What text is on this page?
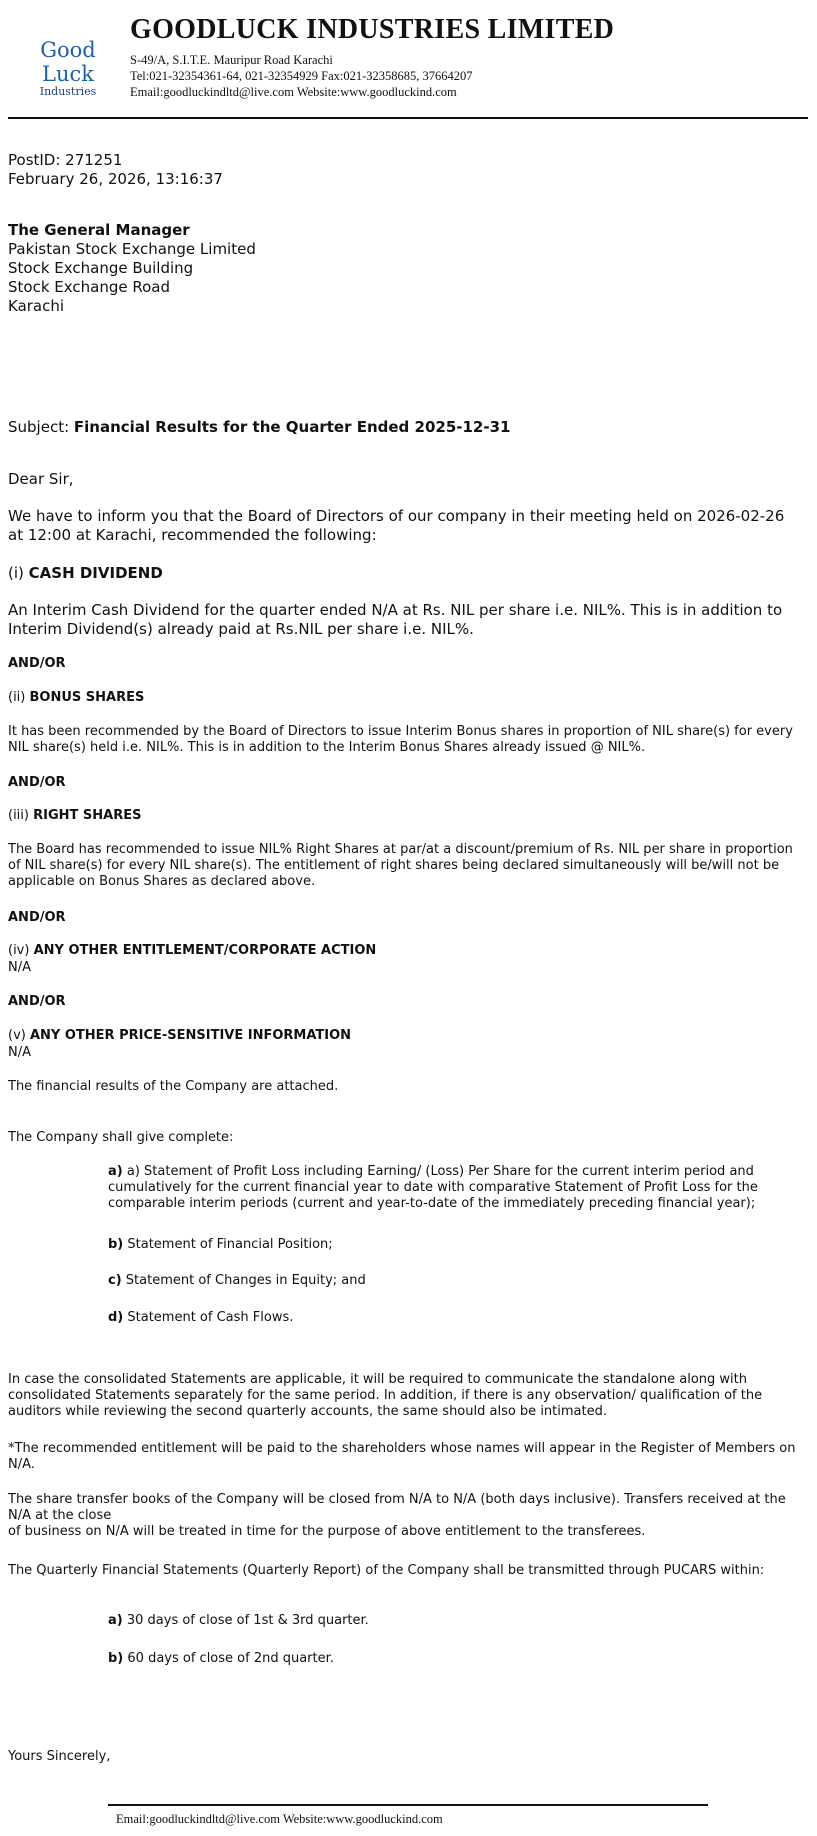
Good Luck
Industries
GOODLUCK INDUSTRIES LIMITED
S-49/A, S.I.T.E. Mauripur Road Karachi
Tel:021-32354361-64, 021-32354929 Fax:021-32358685, 37664207
Email:goodluckindltd@live.com Website:www.goodluckind.com
PostID: 271251
February 26, 2026, 13:16:37
The General Manager
Pakistan Stock Exchange Limited
Stock Exchange Building
Stock Exchange Road
Karachi
Subject: Financial Results for the Quarter Ended 2025-12-31
Dear Sir,
We have to inform you that the Board of Directors of our company in their meeting held on 2026-02-26 at 12:00 at Karachi, recommended the following:
(i) CASH DIVIDEND
An Interim Cash Dividend for the quarter ended N/A at Rs. NIL per share i.e. NIL%. This is in addition to Interim Dividend(s) already paid at Rs.NIL per share i.e. NIL%.
AND/OR
(ii) BONUS SHARES
It has been recommended by the Board of Directors to issue Interim Bonus shares in proportion of NIL share(s) for every NIL share(s) held i.e. NIL%. This is in addition to the Interim Bonus Shares already issued @ NIL%.
AND/OR
(iii) RIGHT SHARES
The Board has recommended to issue NIL% Right Shares at par/at a discount/premium of Rs. NIL per share in proportion of NIL share(s) for every NIL share(s). The entitlement of right shares being declared simultaneously will be/will not be applicable on Bonus Shares as declared above.
AND/OR
(iv) ANY OTHER ENTITLEMENT/CORPORATE ACTION
N/A
AND/OR
(v) ANY OTHER PRICE-SENSITIVE INFORMATION
N/A
The financial results of the Company are attached.
The Company shall give complete:
a) a) Statement of Profit Loss including Earning/ (Loss) Per Share for the current interim period and cumulatively for the current financial year to date with comparative Statement of Profit Loss for the comparable interim periods (current and year-to-date of the immediately preceding financial year);
b) Statement of Financial Position;
c) Statement of Changes in Equity; and
d) Statement of Cash Flows.
In case the consolidated Statements are applicable, it will be required to communicate the standalone along with consolidated Statements separately for the same period. In addition, if there is any observation/ qualification of the auditors while reviewing the second quarterly accounts, the same should also be intimated.
*The recommended entitlement will be paid to the shareholders whose names will appear in the Register of Members on N/A.
The share transfer books of the Company will be closed from N/A to N/A (both days inclusive). Transfers received at the N/A at the close
of business on N/A will be treated in time for the purpose of above entitlement to the transferees.
The Quarterly Financial Statements (Quarterly Report) of the Company shall be transmitted through PUCARS within:
a) 30 days of close of 1st & 3rd quarter.
b) 60 days of close of 2nd quarter.
Yours Sincerely,
Email:goodluckindltd@live.com Website:www.goodluckind.com
